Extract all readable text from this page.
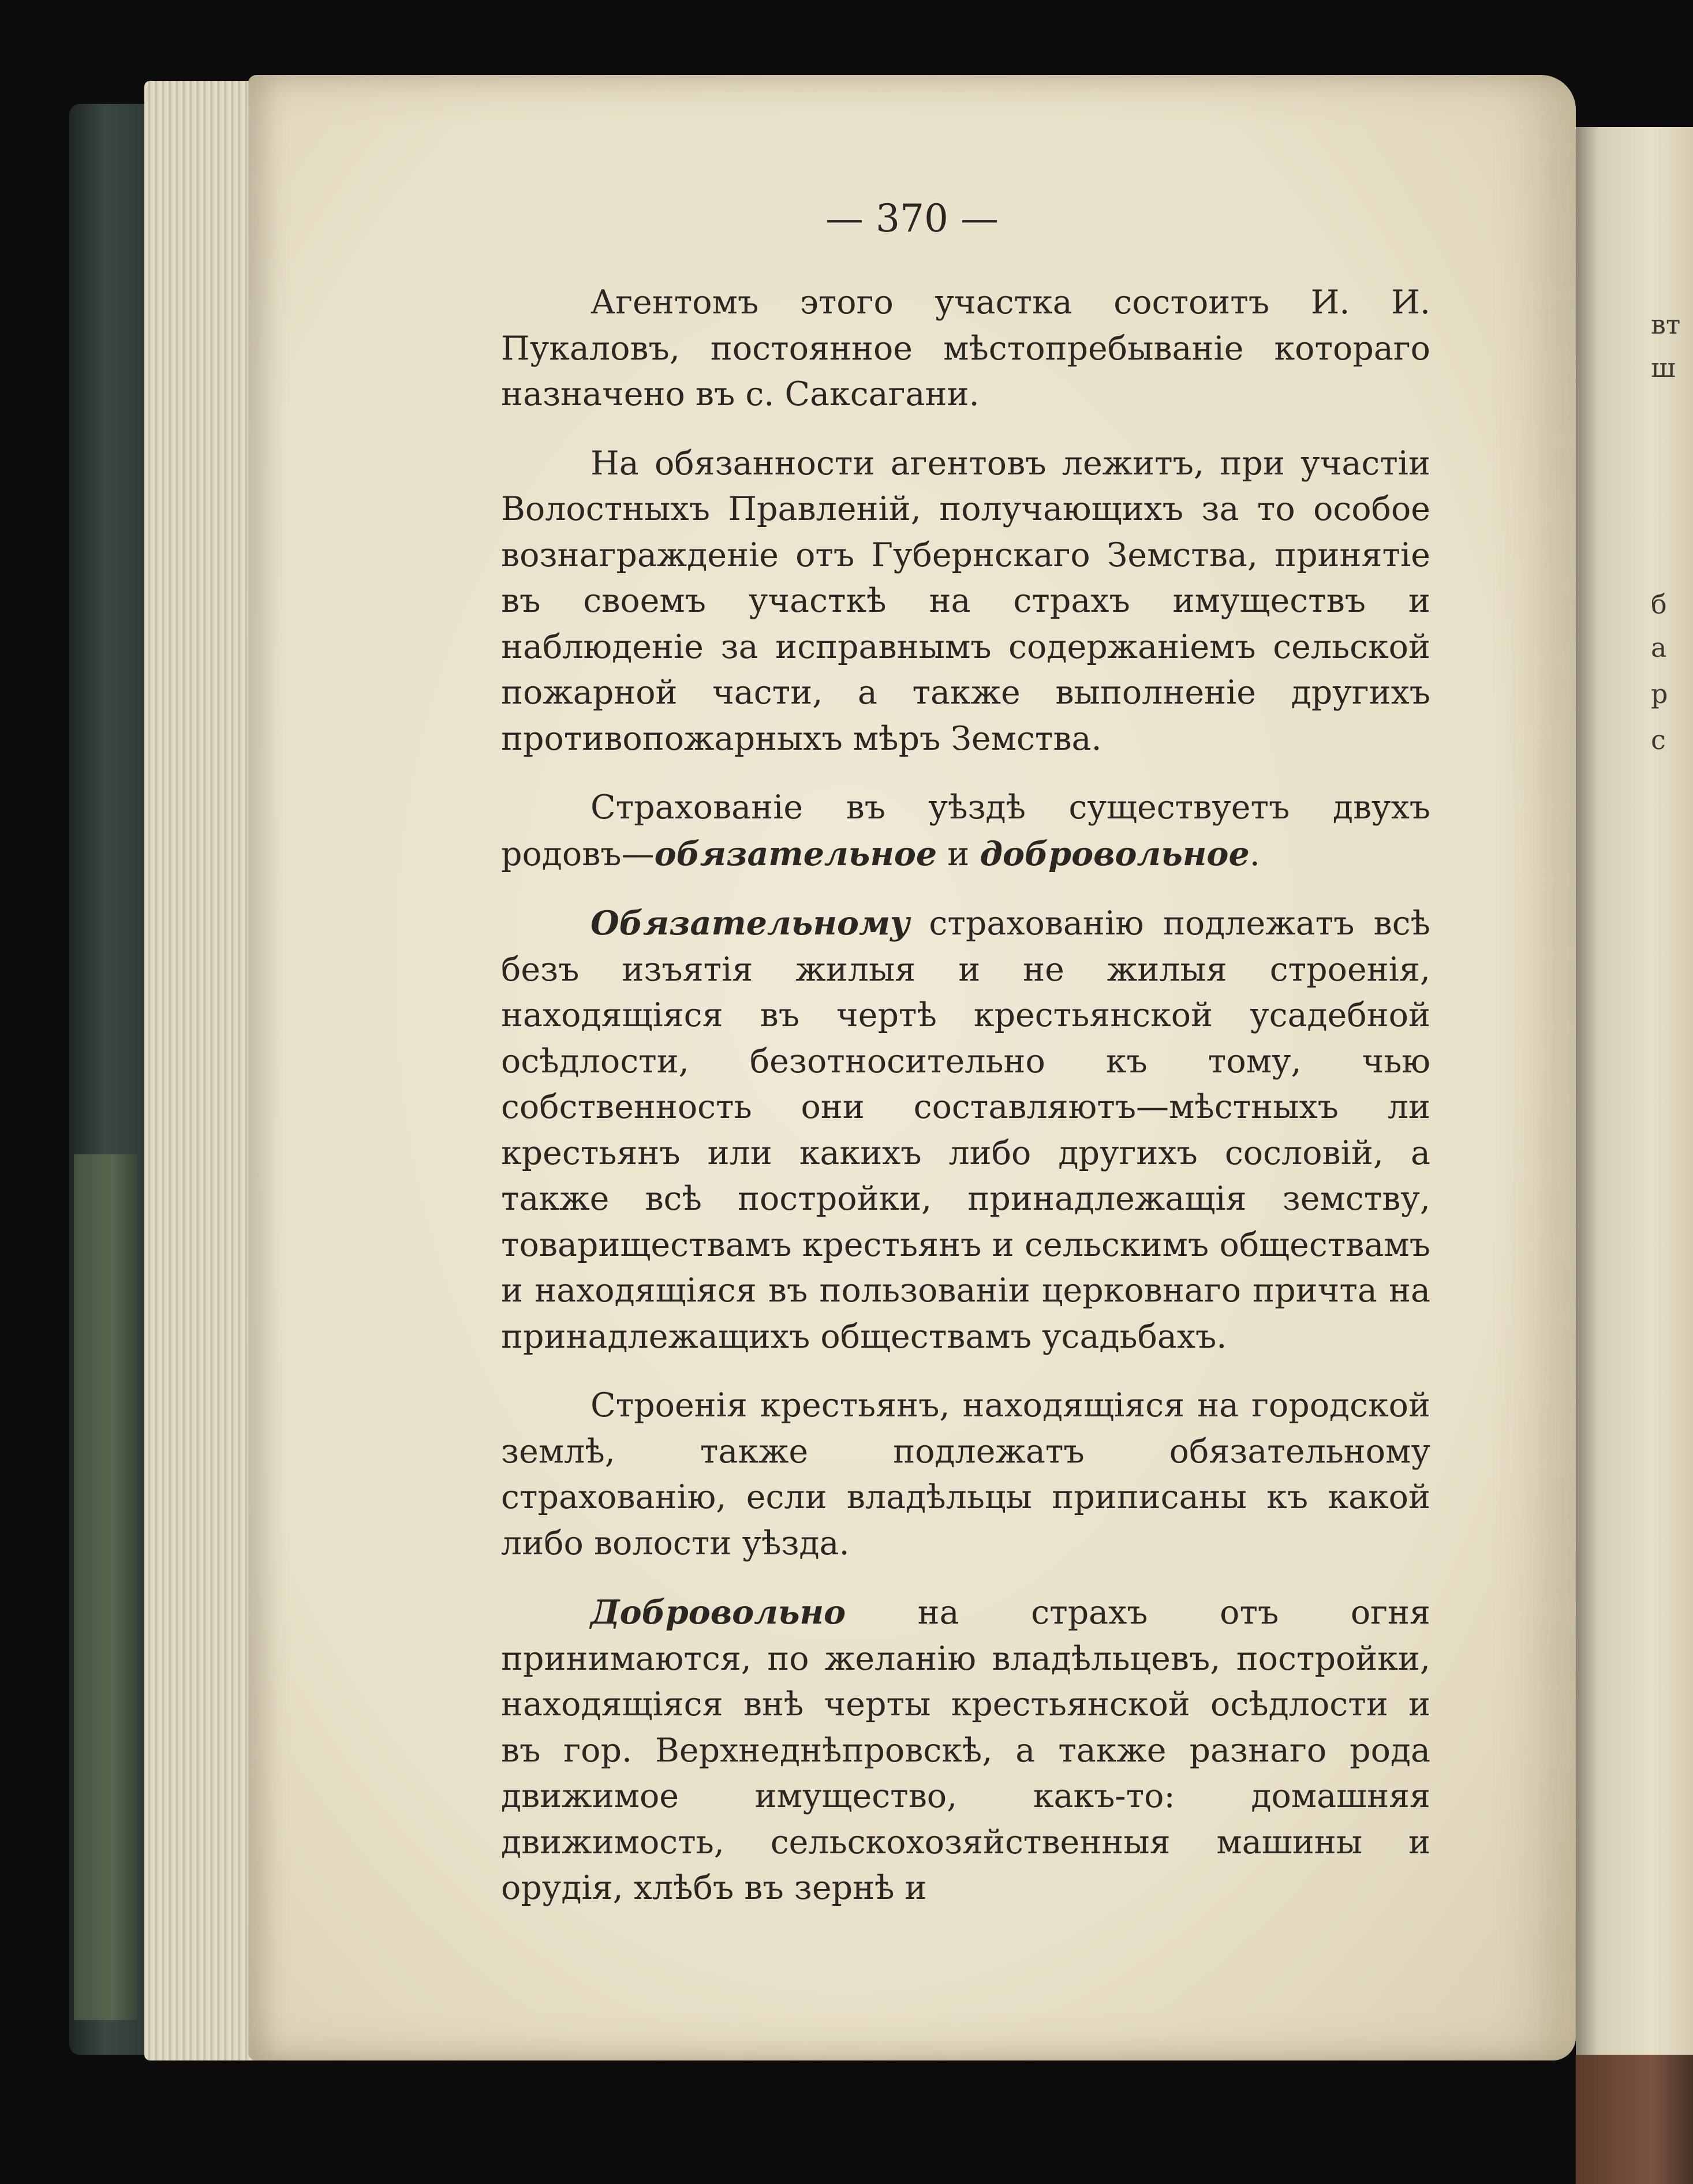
вт
ш
б
а
р
с
— 370 —

Агентомъ этого участка состоитъ И. И. Пукаловъ, постоянное мѣстопребываніе котораго назначено въ с. Саксагани.

На обязанности агентовъ лежитъ, при участіи Волостныхъ Правленій, получающихъ за то особое вознагражденіе отъ Губернскаго Земства, принятіе въ своемъ участкѣ на страхъ имуществъ и наблюденіе за исправнымъ содержаніемъ сельской пожарной части, а также выполненіе другихъ противопожарныхъ мѣръ Земства.

Страхованіе въ уѣздѣ существуетъ двухъ родовъ—обязательное и добровольное.

Обязательному страхованію подлежатъ всѣ безъ изъятія жилыя и не жилыя строенія, находящіяся въ чертѣ крестьянской усадебной осѣдлости, безотносительно къ тому, чью собственность они составляютъ—мѣстныхъ ли крестьянъ или какихъ либо другихъ сословій, а также всѣ постройки, принадлежащія земству, товариществамъ крестьянъ и сельскимъ обществамъ и находящіяся въ пользованіи церковнаго причта на принадлежащихъ обществамъ усадьбахъ.

Строенія крестьянъ, находящіяся на городской землѣ, также подлежатъ обязательному страхованію, если владѣльцы приписаны къ какой либо волости уѣзда.

Добровольно на страхъ отъ огня принимаются, по желанію владѣльцевъ, постройки, находящіяся внѣ черты крестьянской осѣдлости и въ гор. Верхнеднѣпровскѣ, а также разнаго рода движимое имущество, какъ-то: домашняя движимость, сельскохозяйственныя машины и орудія, хлѣбъ въ зернѣ и
